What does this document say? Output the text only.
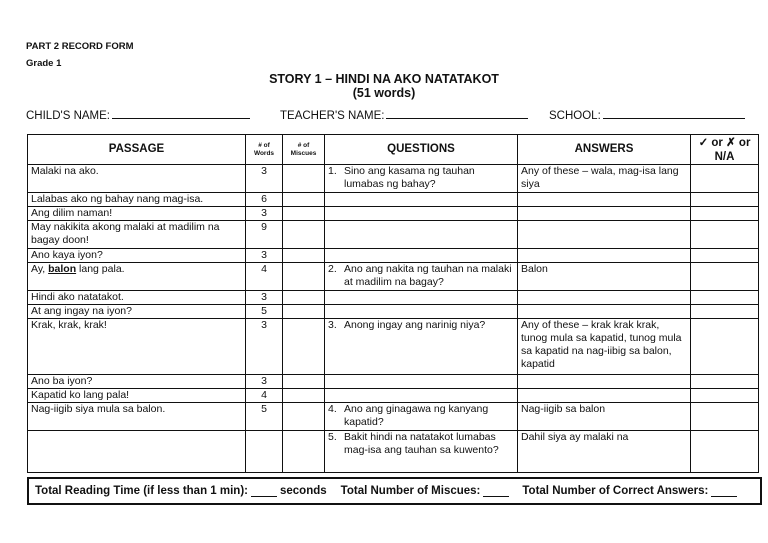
PART 2 RECORD FORM
Grade 1
STORY 1 – HINDI NA AKO NATATAKOT
(51 words)
CHILD'S NAME:	TEACHER'S NAME:	SCHOOL:
PASSAGE	# of Words	# of Miscues	QUESTIONS	ANSWERS	✓ or ✗ or N/A
Malaki na ako.	3		1. Sino ang kasama ng tauhan lumabas ng bahay?	Any of these – wala, mag-isa lang siya	
Lalabas ako ng bahay nang mag-isa.	6				
Ang dilim naman!	3				
May nakikita akong malaki at madilim na bagay doon!	9				
Ano kaya iyon?	3				
Ay, balon lang pala.	4		2. Ano ang nakita ng tauhan na malaki at madilim na bagay?	Balon	
Hindi ako natatakot.	3				
At ang ingay na iyon?	5				
Krak, krak, krak!	3		3. Anong ingay ang narinig niya?	Any of these – krak krak krak, tunog mula sa kapatid, tunog mula sa kapatid na nag-iibig sa balon, kapatid	
Ano ba iyon?	3				
Kapatid ko lang pala!	4				
Nag-iigib siya mula sa balon.	5		4. Ano ang ginagawa ng kanyang kapatid?	Nag-iigib sa balon	

			5. Bakit hindi na natatakot lumabas mag-isa ang tauhan sa kuwento?	Dahil siya ay malaki na	
Total Reading Time (if less than 1 min):	seconds Total Number of Miscues:	Total Number of Correct Answers:
